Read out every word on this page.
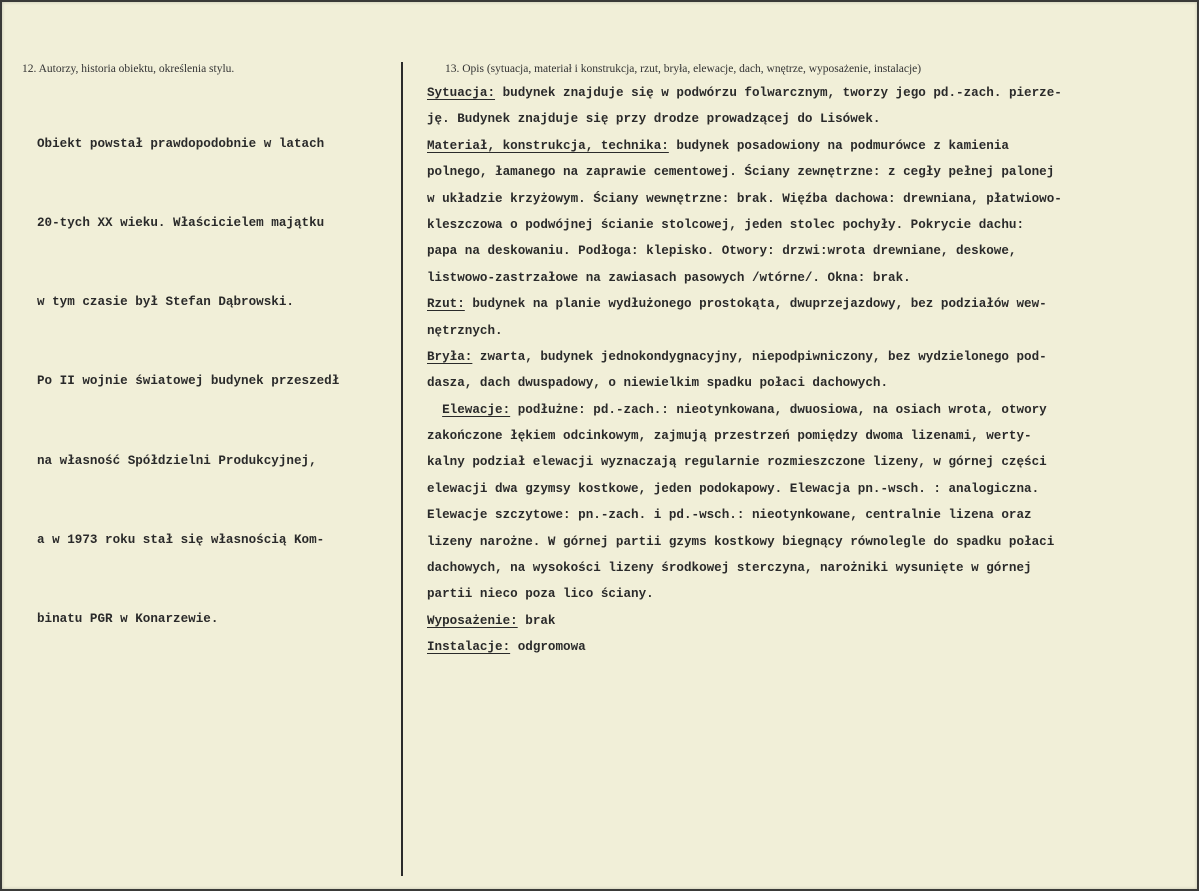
12. Autorzy, historia obiektu, określenia stylu.	13. Opis (sytuacja, materiał i konstrukcja, rzut, bryła, elewacje, dach, wnętrze, wyposażenie, instalacje)

Obiekt powstał prawdopodobnie w latach

20-tych XX wieku. Właścicielem majątku

w tym czasie był Stefan Dąbrowski.

Po II wojnie światowej budynek przeszedł

na własność Spółdzielni Produkcyjnej,

a w 1973 roku stał się własnością Kom-

binatu PGR w Konarzewie.

Sytuacja: budynek znajduje się w podwórzu folwarcznym, tworzy jego pd.-zach. pierze-
ję. Budynek znajduje się przy drodze prowadzącej do Lisówek.
Materiał, konstrukcja, technika: budynek posadowiony na podmurówce z kamienia
polnego, łamanego na zaprawie cementowej. Ściany zewnętrzne: z cegły pełnej palonej
w układzie krzyżowym. Ściany wewnętrzne: brak. Więźba dachowa: drewniana, płatwiowo-
kleszczowa o podwójnej ścianie stolcowej, jeden stolec pochyły. Pokrycie dachu:
papa na deskowaniu. Podłoga: klepisko. Otwory: drzwi:wrota drewniane, deskowe,
listwowo-zastrzałowe na zawiasach pasowych /wtórne/. Okna: brak.
Rzut: budynek na planie wydłużonego prostokąta, dwuprzejazdowy, bez podziałów wew-
nętrznych.
Bryła: zwarta, budynek jednokondygnacyjny, niepodpiwniczony, bez wydzielonego pod-
dasza, dach dwuspadowy, o niewielkim spadku połaci dachowych.
Elewacje: podłużne: pd.-zach.: nieotynkowana, dwuosiowa, na osiach wrota, otwory
zakończone łękiem odcinkowym, zajmują przestrzeń pomiędzy dwoma lizenami, werty-
kalny podział elewacji wyznaczają regularnie rozmieszczone lizeny, w górnej części
elewacji dwa gzymsy kostkowe, jeden podokapowy. Elewacja pn.-wsch. : analogiczna.
Elewacje szczytowe: pn.-zach. i pd.-wsch.: nieotynkowane, centralnie lizena oraz
lizeny narożne. W górnej partii gzyms kostkowy biegnący równolegle do spadku połaci
dachowych, na wysokości lizeny środkowej sterczyna, narożniki wysunięte w górnej
partii nieco poza lico ściany.
Wyposażenie: brak
Instalacje: odgromowa
